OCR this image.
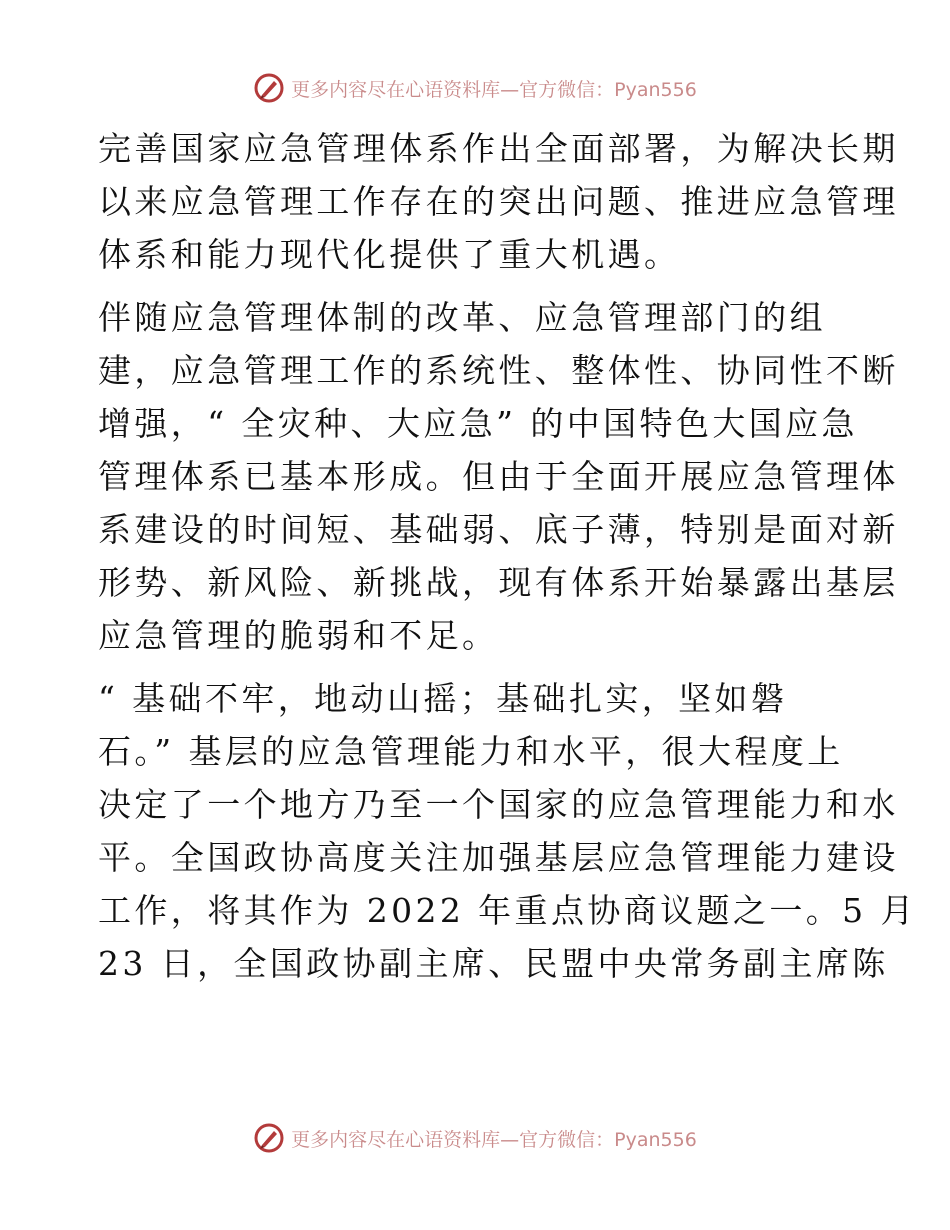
更多内容尽在心语资料库—官方微信：Pyan556
完善国家应急管理体系作出全面部署，为解决长期
以来应急管理工作存在的突出问题、推进应急管理
体系和能力现代化提供了重大机遇。
伴随应急管理体制的改革、应急管理部门的组
建，应急管理工作的系统性、整体性、协同性不断
增强，“ 全灾种、大应急” 的中国特色大国应急
管理体系已基本形成。但由于全面开展应急管理体
系建设的时间短、基础弱、底子薄，特别是面对新
形势、新风险、新挑战，现有体系开始暴露出基层
应急管理的脆弱和不足。
“ 基础不牢，地动山摇；基础扎实，坚如磐
石。” 基层的应急管理能力和水平，很大程度上
决定了一个地方乃至一个国家的应急管理能力和水
平。全国政协高度关注加强基层应急管理能力建设
工作，将其作为 2022 年重点协商议题之一。5 月
23 日，全国政协副主席、民盟中央常务副主席陈
更多内容尽在心语资料库—官方微信：Pyan556
